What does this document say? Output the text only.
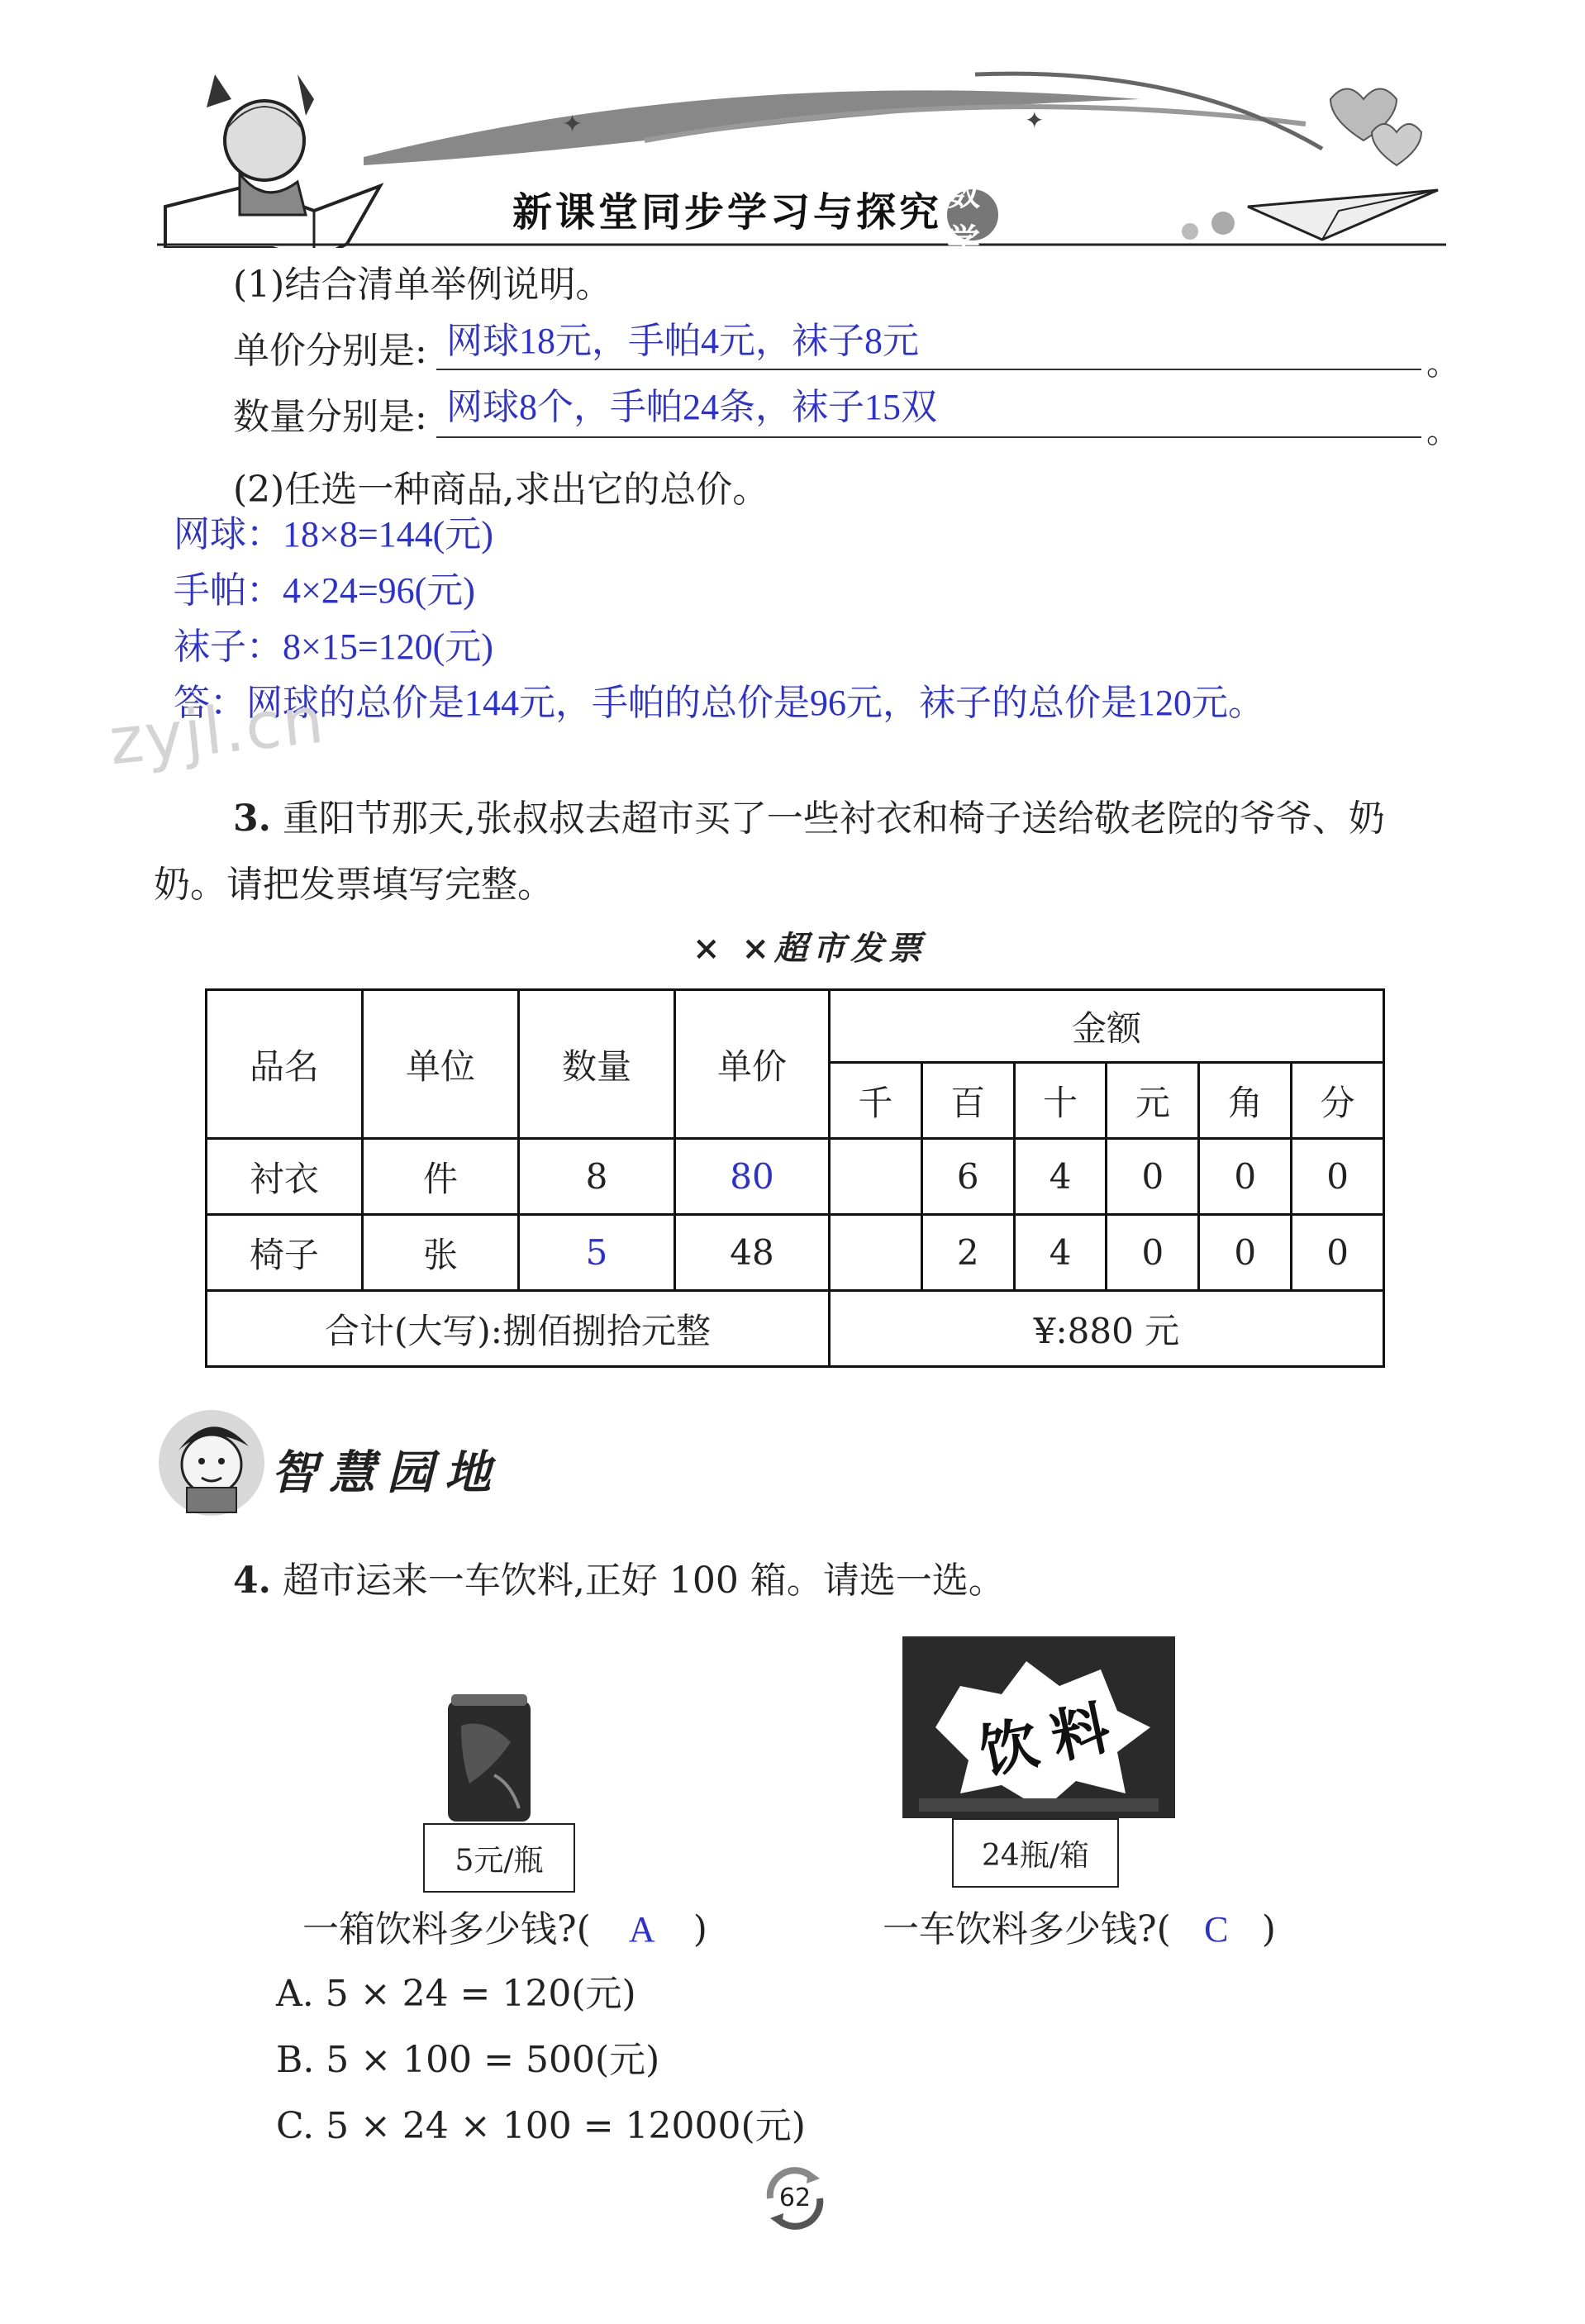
✦	✦
新课堂同步学习与探究 数学
(1)结合清单举例说明。
单价分别是: 网球18元，手帕4元，袜子8元
。
数量分别是: 网球8个，手帕24条，袜子15双
。
(2)任选一种商品,求出它的总价。
网球：18×8=144(元)
手帕：4×24=96(元)
袜子：8×15=120(元)
答：网球的总价是144元，手帕的总价是96元，袜子的总价是120元。
zyjl.cn
3. 重阳节那天,张叔叔去超市买了一些衬衣和椅子送给敬老院的爷爷、奶
奶。请把发票填写完整。
× ×超市发票
品名	单位	数量	单价	金额					
				千	百	十	元	角	分
衬衣	件	8	80		6	4	0	0	0
椅子	张	5	48		2	4	0	0	0
合计(大写):捌佰捌拾元整				¥:880 元					
智慧园地
4. 超市运来一车饮料,正好 100 箱。请选一选。
5元/瓶
饮料
24瓶/箱
一箱饮料多少钱?( A )	一车饮料多少钱?( C )
A. 5 × 24 = 120(元)
B. 5 × 100 = 500(元)
C. 5 × 24 × 100 = 12000(元)
62
